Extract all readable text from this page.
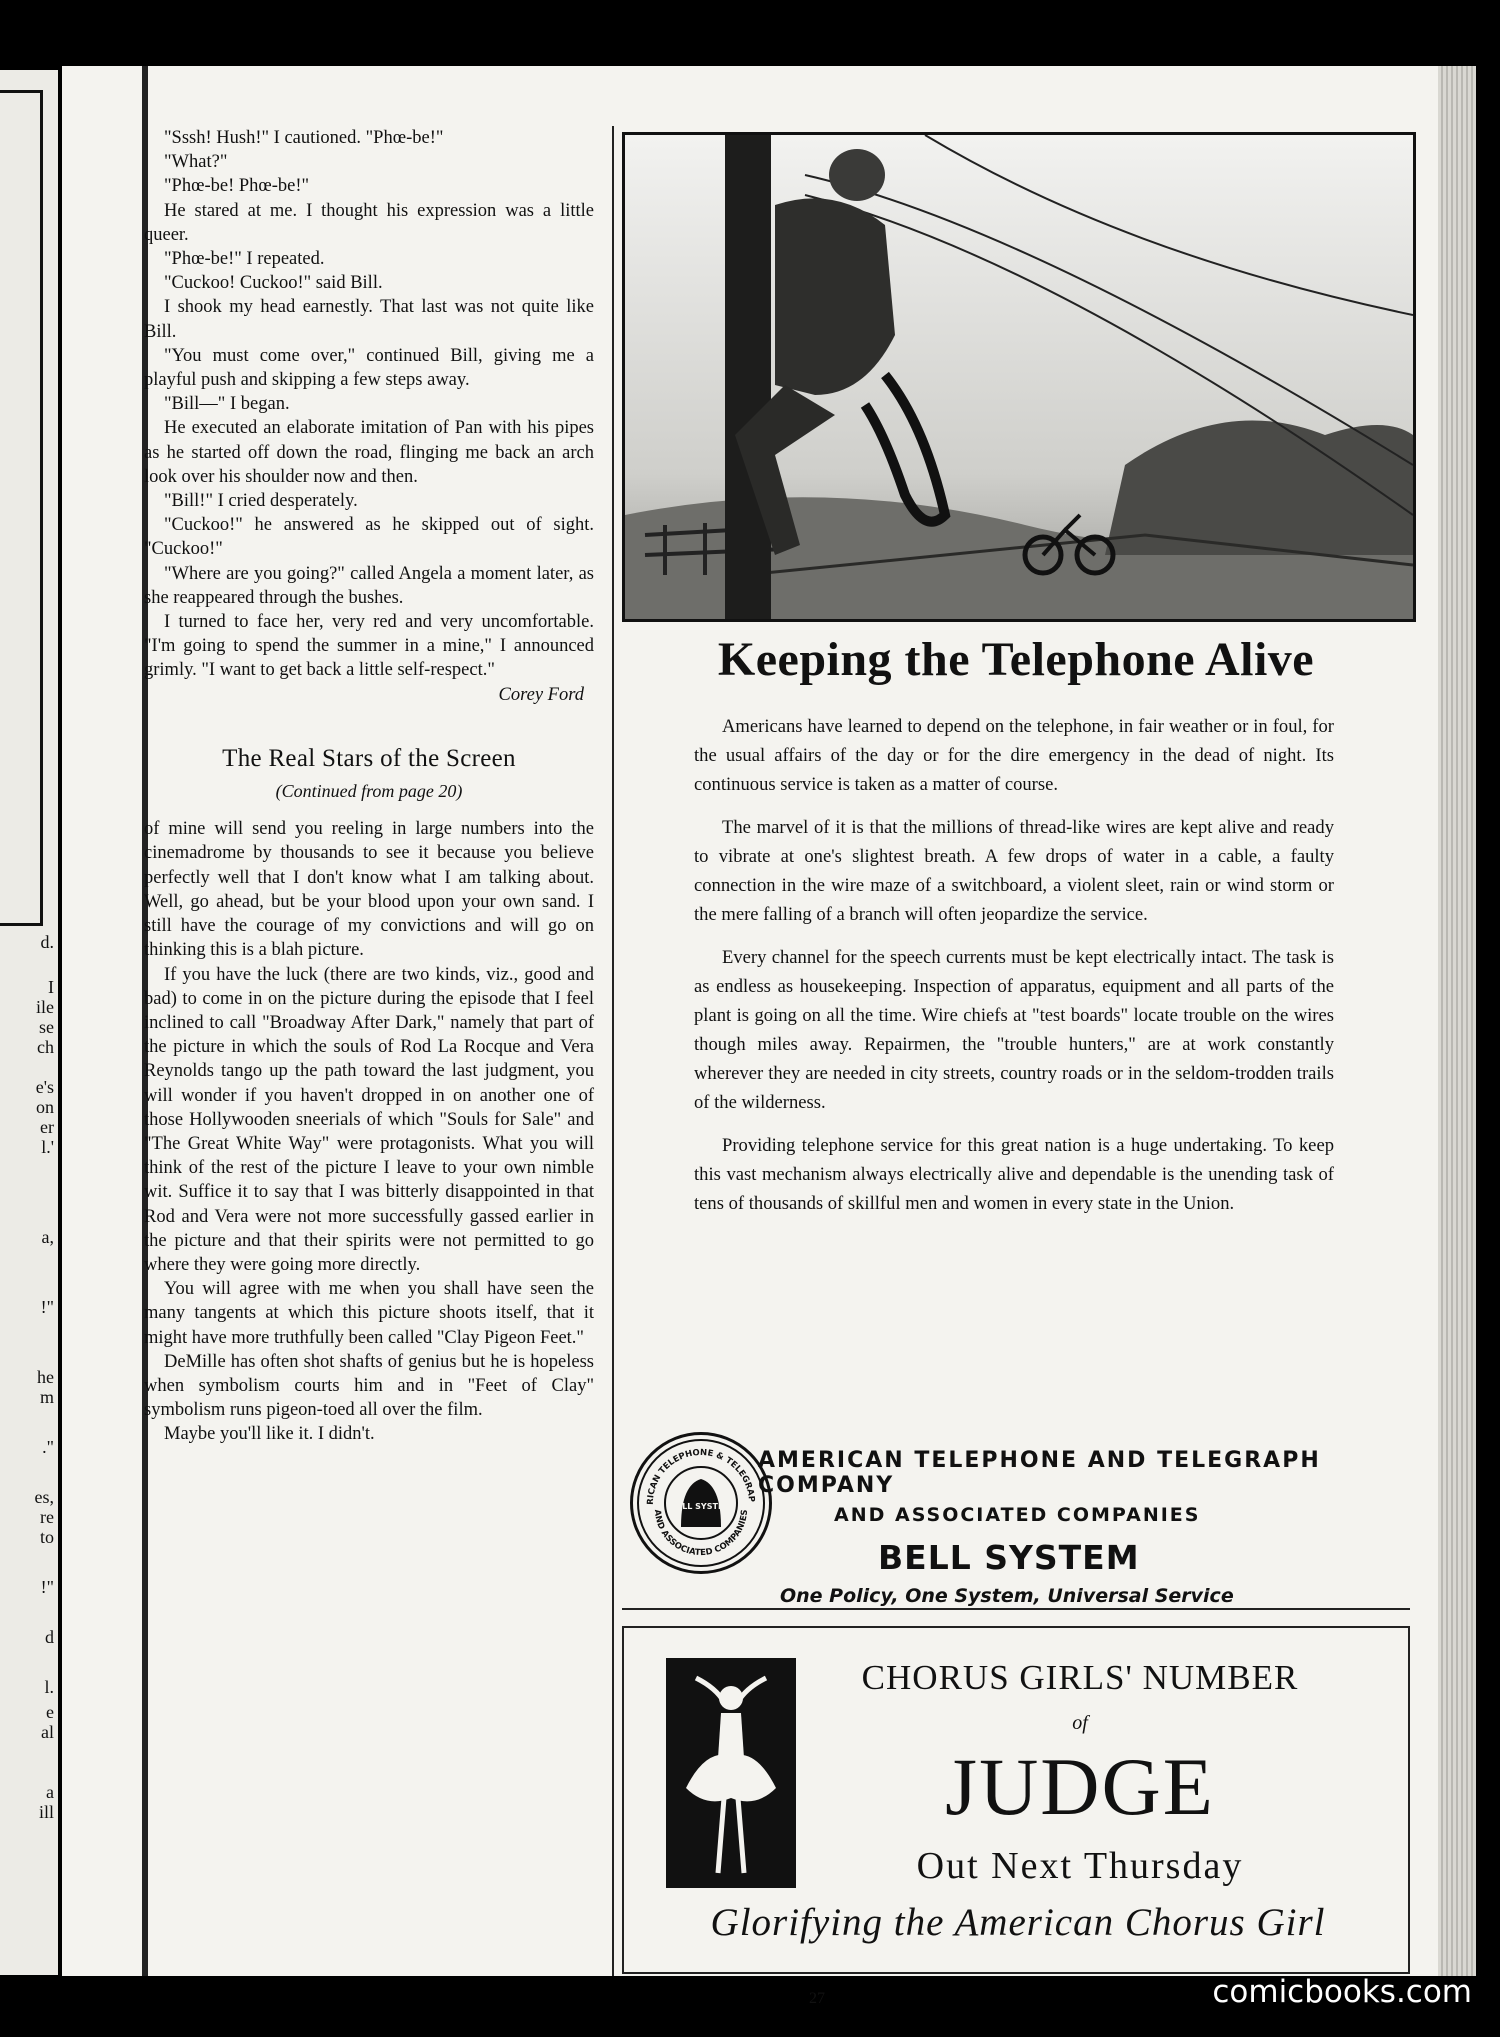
d.
I
ile
se
ch
e's
on
er
l.'
a,
!"
he
m
."
es,
re
to
!"
d
l.
e
al
a
ill

"Sssh! Hush!" I cautioned. "Phœ-be!"

"What?"

"Phœ-be! Phœ-be!"

He stared at me. I thought his expression was a little queer.

"Phœ-be!" I repeated.

"Cuckoo! Cuckoo!" said Bill.

I shook my head earnestly. That last was not quite like Bill.

"You must come over," continued Bill, giving me a playful push and skipping a few steps away.

"Bill—" I began.

He executed an elaborate imitation of Pan with his pipes as he started off down the road, flinging me back an arch look over his shoulder now and then.

"Bill!" I cried desperately.

"Cuckoo!" he answered as he skipped out of sight. "Cuckoo!"

"Where are you going?" called Angela a moment later, as she reappeared through the bushes.

I turned to face her, very red and very uncomfortable. "I'm going to spend the summer in a mine," I announced grimly. "I want to get back a little self-respect."

Corey Ford
The Real Stars of the Screen
(Continued from page 20)

of mine will send you reeling in large numbers into the cinemadrome by thousands to see it because you believe perfectly well that I don't know what I am talking about. Well, go ahead, but be your blood upon your own sand. I still have the courage of my convictions and will go on thinking this is a blah picture.

If you have the luck (there are two kinds, viz., good and bad) to come in on the picture during the episode that I feel inclined to call "Broadway After Dark," namely that part of the picture in which the souls of Rod La Rocque and Vera Reynolds tango up the path toward the last judgment, you will wonder if you haven't dropped in on another one of those Hollywooden sneerials of which "Souls for Sale" and "The Great White Way" were protagonists. What you will think of the rest of the picture I leave to your own nimble wit. Suffice it to say that I was bitterly disappointed in that Rod and Vera were not more successfully gassed earlier in the picture and that their spirits were not permitted to go where they were going more directly.

You will agree with me when you shall have seen the many tangents at which this picture shoots itself, that it might have more truthfully been called "Clay Pigeon Feet."

DeMille has often shot shafts of genius but he is hopeless when symbolism courts him and in "Feet of Clay" symbolism runs pigeon-toed all over the film.

Maybe you'll like it. I didn't.

Keeping the Telephone Alive

Americans have learned to depend on the telephone, in fair weather or in foul, for the usual affairs of the day or for the dire emergency in the dead of night. Its continuous service is taken as a matter of course.

The marvel of it is that the millions of thread-like wires are kept alive and ready to vibrate at one's slightest breath. A few drops of water in a cable, a faulty connection in the wire maze of a switchboard, a violent sleet, rain or wind storm or the mere falling of a branch will often jeopardize the service.

Every channel for the speech currents must be kept electrically intact. The task is as endless as housekeeping. Inspection of apparatus, equipment and all parts of the plant is going on all the time. Wire chiefs at "test boards" locate trouble on the wires though miles away. Repairmen, the "trouble hunters," are at work constantly wherever they are needed in city streets, country roads or in the seldom-trodden trails of the wilderness.

Providing telephone service for this great nation is a huge undertaking. To keep this vast mechanism always electrically alive and dependable is the unending task of tens of thousands of skillful men and women in every state in the Union.

RICAN TELEPHONE & TELEGRAP
AND ASSOCIATED COMPANIES
BELL SYSTEM
AMERICAN TELEPHONE AND TELEGRAPH COMPANY
AND ASSOCIATED COMPANIES
BELL SYSTEM
One Policy, One System, Universal Service
CHORUS GIRLS' NUMBER
of
JUDGE
Out Next Thursday
Glorifying the American Chorus Girl
27	comicbooks.com
